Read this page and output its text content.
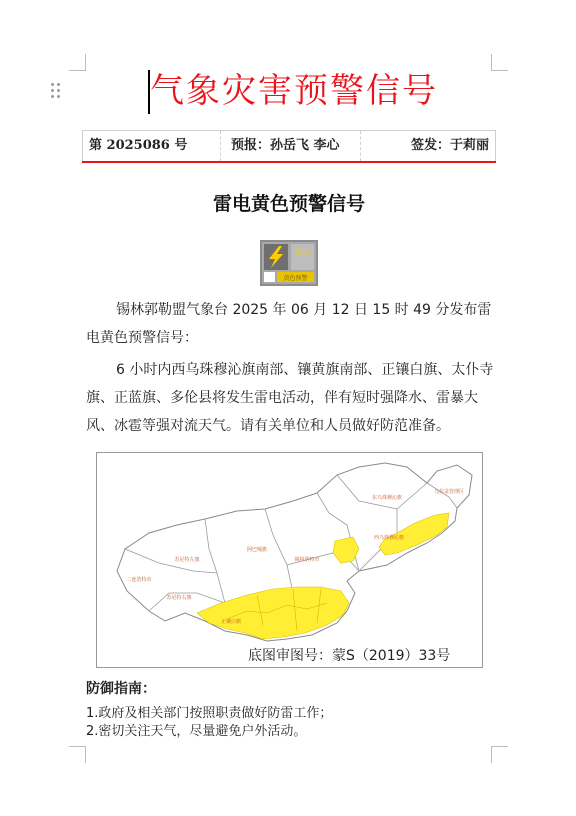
气象灾害预警信号
第 2025086 号	预报：孙岳飞 李心	签发：于莉丽
雷电黄色预警信号
雷电
黄色预警
锡林郭勒盟气象台 2025 年 06 月 12 日 15 时 49 分发布雷电黄色预警信号：
6 小时内西乌珠穆沁旗南部、镶黄旗南部、正镶白旗、太仆寺旗、正蓝旗、多伦县将发生雷电活动，伴有短时强降水、雷暴大风、冰雹等强对流天气。请有关单位和人员做好防范准备。
乌拉盖管理区
东乌珠穆沁旗
西乌珠穆沁旗
锡林浩特市
阿巴嘎旗
苏尼特左旗
二连浩特市
苏尼特右旗
正镶白旗
底图审图号：蒙S（2019）33号
防御指南：
1.政府及相关部门按照职责做好防雷工作；
2.密切关注天气，尽量避免户外活动。
